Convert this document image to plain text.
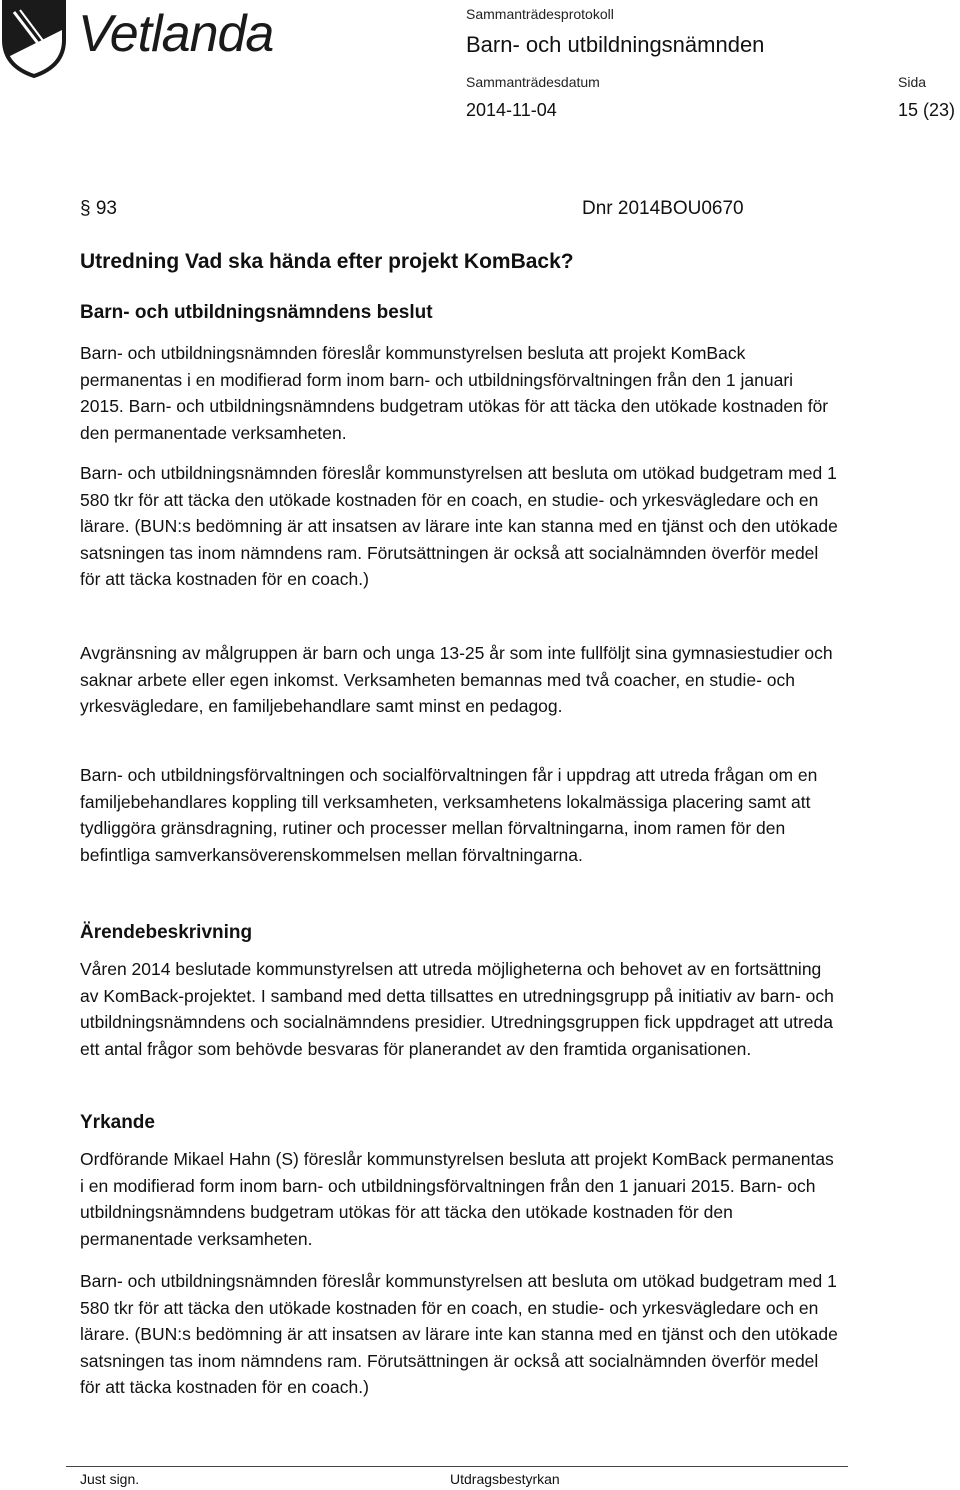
Vetlanda	Sammanträdesprotokoll
Barn- och utbildningsnämnden
Sammanträdesdatum
2014-11-04
Sida
15 (23)
§ 93	Dnr 2014BOU0670
Utredning Vad ska hända efter projekt KomBack?
Barn- och utbildningsnämndens beslut

Barn- och utbildningsnämnden föreslår kommunstyrelsen besluta att projekt KomBack permanentas i en modifierad form inom barn- och utbildningsförvaltningen från den 1 januari 2015. Barn- och utbildningsnämndens budgetram utökas för att täcka den utökade kostnaden för den permanentade verksamheten.

Barn- och utbildningsnämnden föreslår kommunstyrelsen att besluta om utökad budgetram med 1 580 tkr för att täcka den utökade kostnaden för en coach, en studie- och yrkesvägledare och en lärare. (BUN:s bedömning är att insatsen av lärare inte kan stanna med en tjänst och den utökade satsningen tas inom nämndens ram. Förutsättningen är också att socialnämnden överför medel för att täcka kostnaden för en coach.)

Avgränsning av målgruppen är barn och unga 13-25 år som inte fullföljt sina gymnasiestudier och saknar arbete eller egen inkomst. Verksamheten bemannas med två coacher, en studie- och yrkesvägledare, en familjebehandlare samt minst en pedagog.

Barn- och utbildningsförvaltningen och socialförvaltningen får i uppdrag att utreda frågan om en familjebehandlares koppling till verksamheten, verksamhetens lokalmässiga placering samt att tydliggöra gränsdragning, rutiner och processer mellan förvaltningarna, inom ramen för den befintliga samverkansöverenskommelsen mellan förvaltningarna.

Ärendebeskrivning

Våren 2014 beslutade kommunstyrelsen att utreda möjligheterna och behovet av en fortsättning av KomBack-projektet. I samband med detta tillsattes en utredningsgrupp på initiativ av barn- och utbildningsnämndens och socialnämndens presidier. Utredningsgruppen fick uppdraget att utreda ett antal frågor som behövde besvaras för planerandet av den framtida organisationen.

Yrkande

Ordförande Mikael Hahn (S) föreslår kommunstyrelsen besluta att projekt KomBack permanentas i en modifierad form inom barn- och utbildningsförvaltningen från den 1 januari 2015. Barn- och utbildningsnämndens budgetram utökas för att täcka den utökade kostnaden för den permanentade verksamheten.

Barn- och utbildningsnämnden föreslår kommunstyrelsen att besluta om utökad budgetram med 1 580 tkr för att täcka den utökade kostnaden för en coach, en studie- och yrkesvägledare och en lärare. (BUN:s bedömning är att insatsen av lärare inte kan stanna med en tjänst och den utökade satsningen tas inom nämndens ram. Förutsättningen är också att socialnämnden överför medel för att täcka kostnaden för en coach.)

Just sign.	Utdragsbestyrkan
